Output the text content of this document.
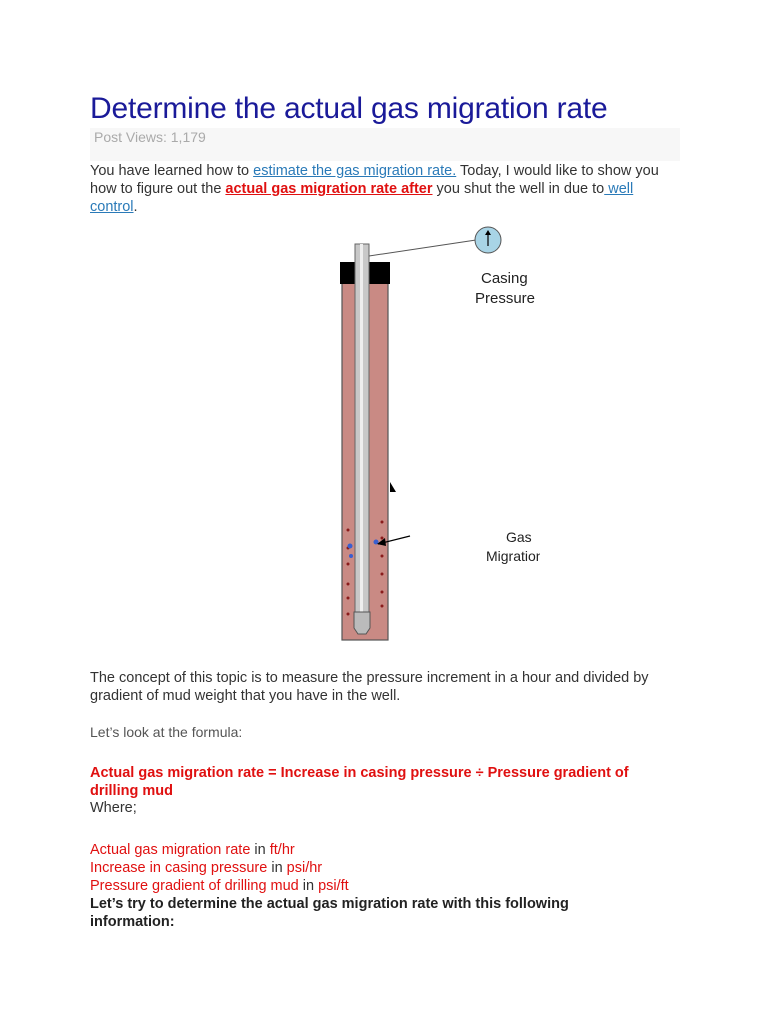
Determine the actual gas migration rate
Post Views: 1,179

You have learned how to estimate the gas migration rate. Today, I would like to show you how to figure out the actual gas migration rate after you shut the well in due to well control.

Casing
Pressure
Gas
Migration

The concept of this topic is to measure the pressure increment in a hour and divided by gradient of mud weight that you have in the well.

Let’s look at the formula:

Actual gas migration rate = Increase in casing pressure ÷ Pressure gradient of drilling mud

Where;

Actual gas migration rate in ft/hr
Increase in casing pressure in psi/hr
Pressure gradient of drilling mud in psi/ft

Let’s try to determine the actual gas migration rate with this following information:
